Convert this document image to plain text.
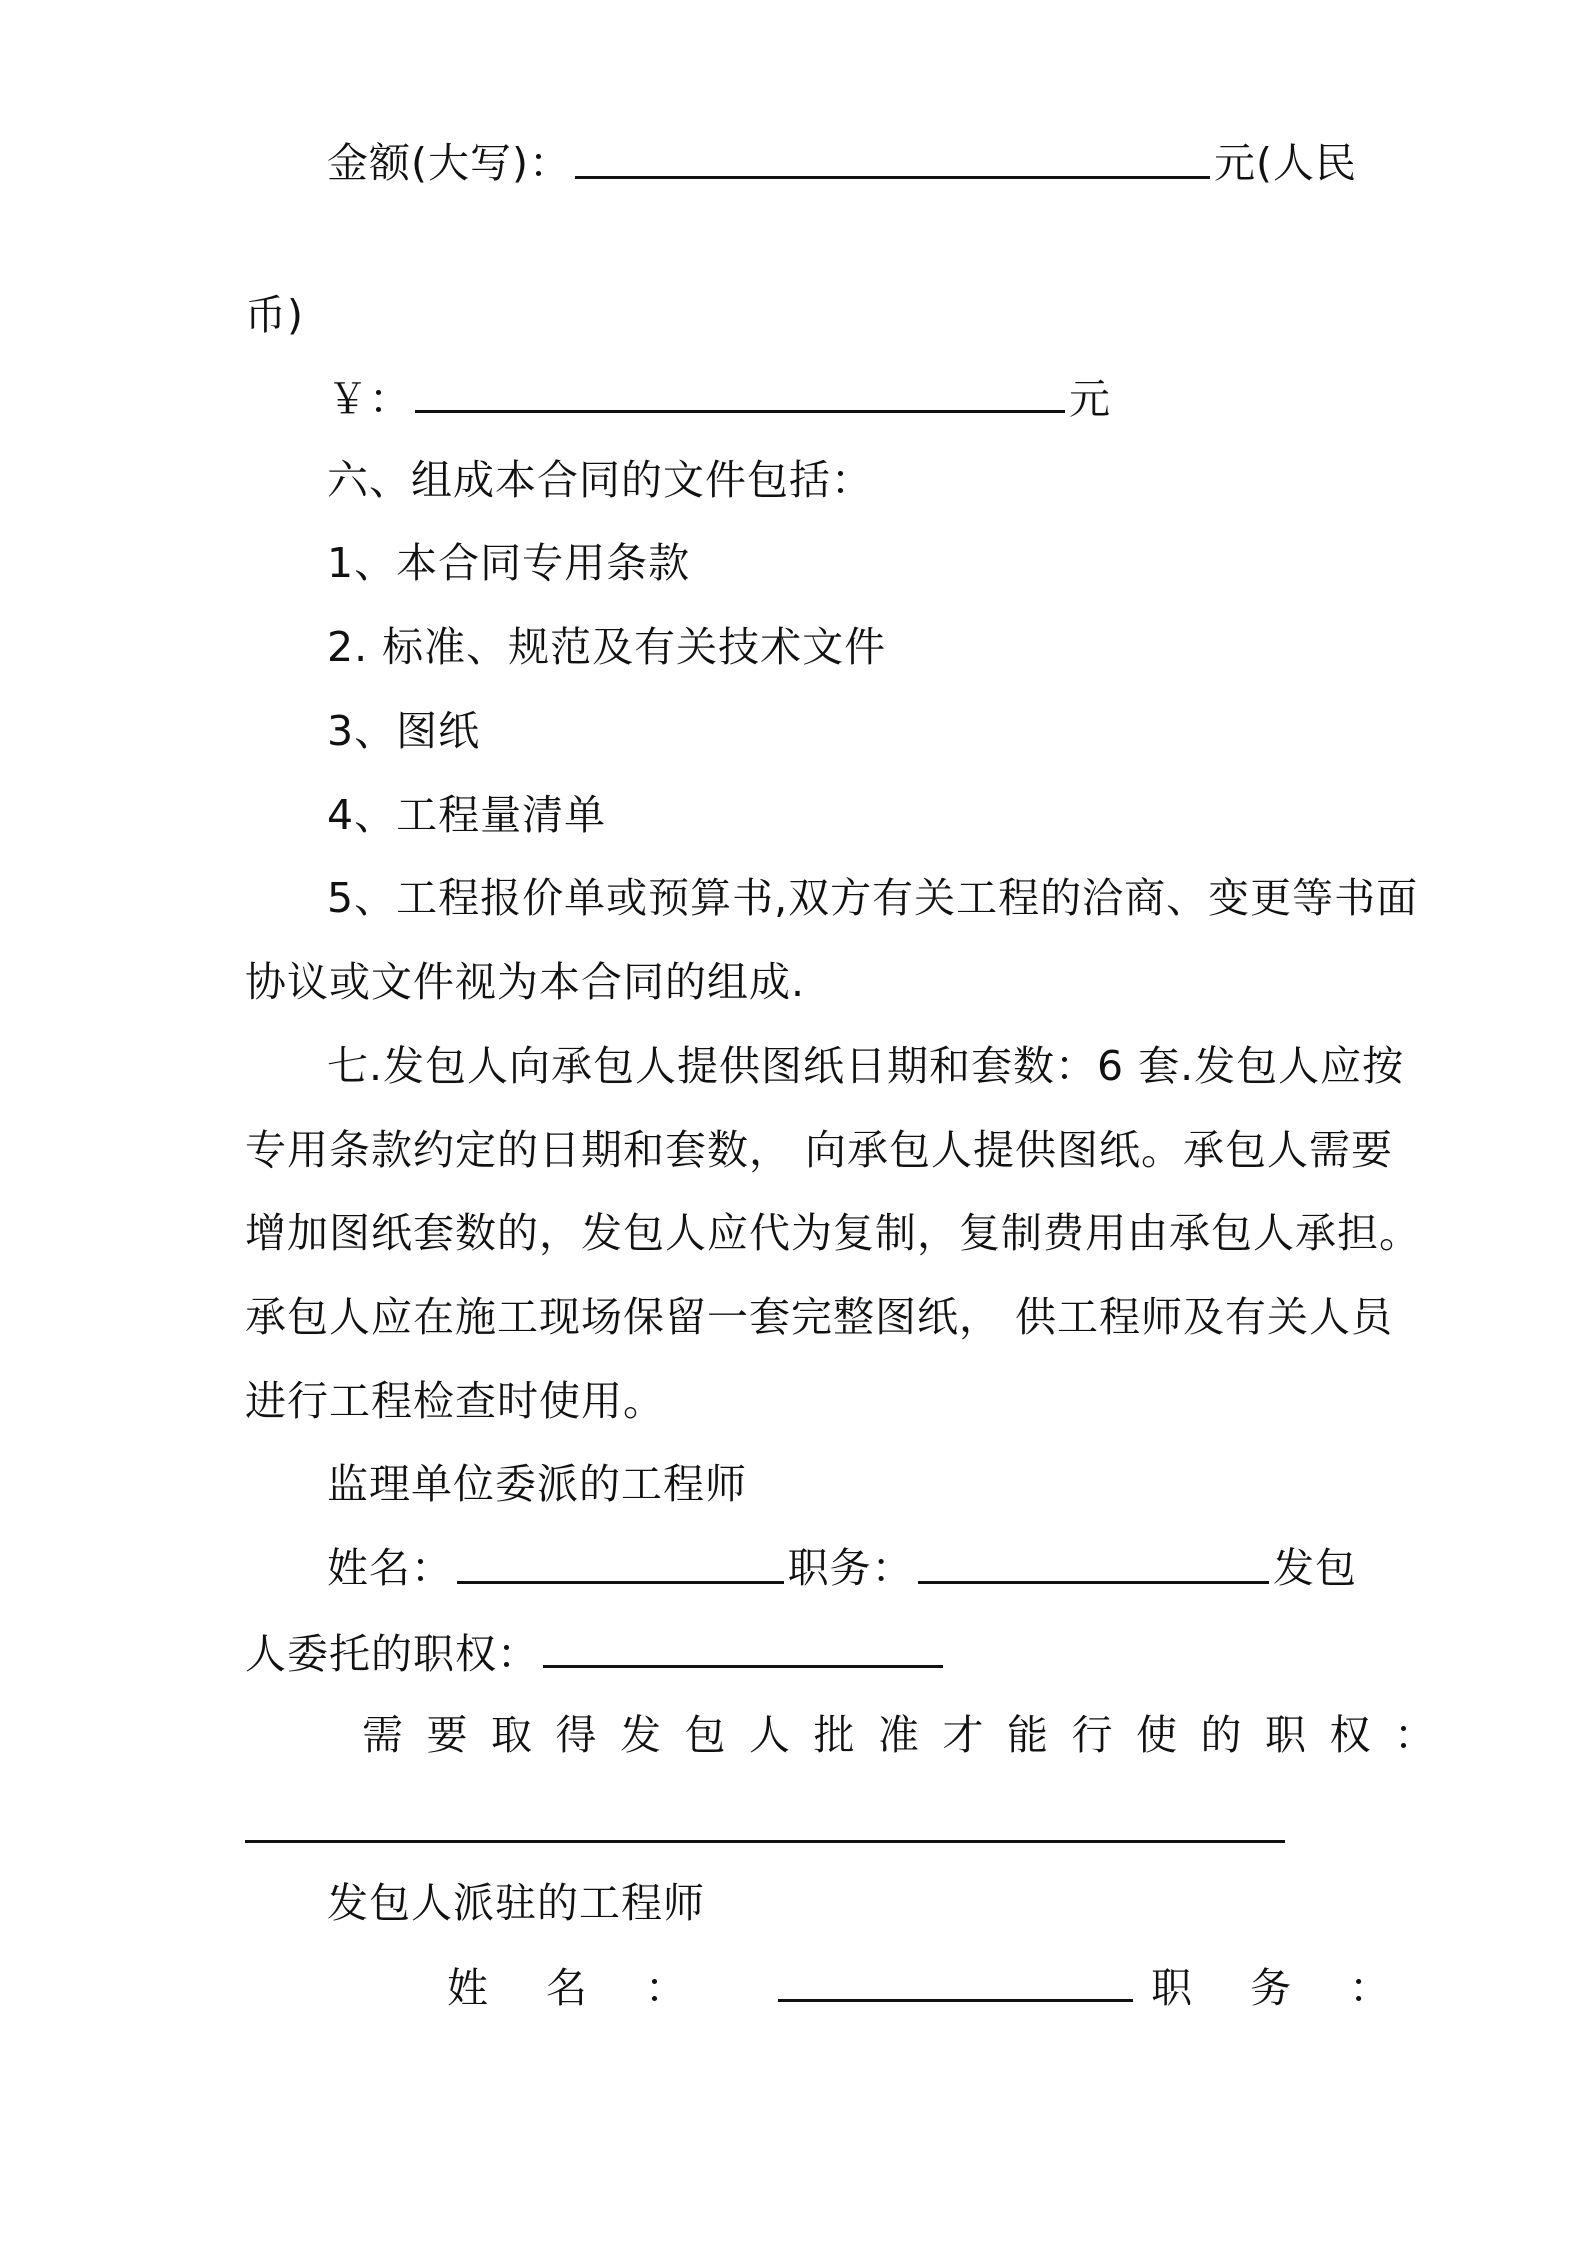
金额(大写)：	元(人民
币)
￥：	元
六、组成本合同的文件包括：
1、本合同专用条款
2. 标准、规范及有关技术文件
3、图纸
4、工程量清单
5、工程报价单或预算书,双方有关工程的洽商、变更等书面
协议或文件视为本合同的组成.
七.发包人向承包人提供图纸日期和套数：6 套.发包人应按
专用条款约定的日期和套数， 向承包人提供图纸。承包人需要
增加图纸套数的，发包人应代为复制，复制费用由承包人承担。
承包人应在施工现场保留一套完整图纸， 供工程师及有关人员
进行工程检查时使用。
监理单位委派的工程师
姓名：	职务：	发包
人委托的职权：
需要取得发包人批准才能行使的职权：
发包人派驻的工程师
姓名：	职务：
